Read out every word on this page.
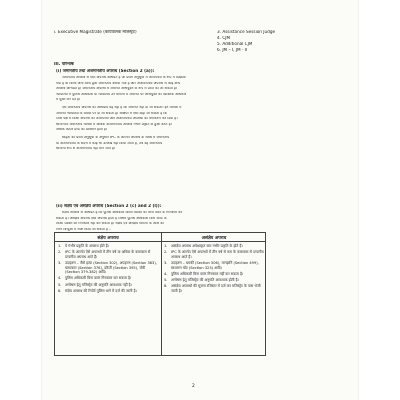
i. Executive Magistrate (कार्यपालक मजिस्ट्रेट)	3. Assistance Session Judge
4. CJM
5. Additional CJM
6. JM – I, JM - II
III. परिभाषा
(i) जमानतीय तथा अजमानतीय अपराध (Section 2 (a)):
जमानतीय अपराध से ऐसा अपराध अभिप्रेत है जो प्रथम अनुसूची में जमानतीय के रूप में दिखाया
गया है या किसी अन्य विधि द्वारा जमानतीय बनाया गया है और अजमानतीय अपराध से कोई अन्य
अपराध अभिप्रेत है। जमानतीय अपराध में जमानत अभियुक्त के रूप में प्राप्त की जा सकती है।
न्यायालय में पुलिस अधिकारी या न्यायालय उन मामलों में जमानत पर अभियुक्त का व्यक्तिक अधिकार
में मुक्त कर देते हैं।
ऐसे जमानतीय अपराध का अभिप्राय यह नहीं है कि जमानत नहीं दी जा सकती। इन मामलों में
जमानत न्यायालय के विवेक पर दी जा सकती है। संक्षिप्त में ऐसा कहा जा सकता है कि
जिस पक्ष में किसी अपराध का जमानतीय और अजमानतीय अपराधों का वर्गीकरण कर दिया है।
सामान्यतः जमानतीय मामलों में अधिक अजमानतीय अपराध गंभीर प्रकृति के हुआ करते हैं।
अधिक कठोर दण्ड का प्रावधान होता है।
संहिता की प्रथम अनुसूची के अनुसार IPC के अंतर्गत अपराध के संबंध में जमानतीय
या अजमानतीय के संदर्भ में कोई भी उल्लेख नहीं किया जाता है, तब वह जमानतीय
सामान्य रूप से अजमानतीय नहीं माने जाते हैं।
(ii) संज्ञेय एवं असंज्ञेय अपराध (Section 2 (c) and 2 (l)):
संज्ञेय अपराध से अभिप्रेत है कि पुलिस अधिकारी किसी व्यक्ति को बिना वारंट के गिरफ्तार कर
सकता है। असंज्ञेय अपराध ऐसा अपराध होता है जिसमें पुलिस अधिकारी बिना वारंट के
किसी व्यक्ति को गिरफ्तार नहीं कर सकता है। संज्ञेय एवं असंज्ञेय मामलों के अंतर को
निम्न बिन्दुओं में स्पष्ट किया जा सकता है –
संज्ञेय अपराध	असंज्ञेय अपराध
1. ये गंभीर प्रकृति के अपराध होते हैं।
2. IPC के अंतर्गत ऐसे अपराधों में तीन वर्ष या अधिक के कारावास से दण्डनीय अपराध आते हैं।
3. उदाहरण – जैसे हत्या (Section 302), अपहरण (Section 363), बलात्कार (Section 376), डकैती (Section 395), चोरी (Section 379-382) आदि।
4. पुलिस अधिकारी बिना वारंट गिरफ्तार कर सकता है।
5. अन्वेषण हेतु मजिस्ट्रेट की अनुमति आवश्यक नहीं है।
6. संज्ञेय अपराध की रिपोर्ट पुलिस थाने में दर्ज की जाती है।
1. असंज्ञेय अपराध अपेक्षाकृत कम गंभीर प्रकृति के होते हैं।
2. IPC के अंतर्गत ऐसे अपराधों में तीन वर्ष से कम के कारावास से दण्डनीय अपराध आते हैं।
3. उदाहरण – धमकी (Section 506), मानहानि (Section 499), साधारण चोट (Section 323) आदि।
4. पुलिस अधिकारी बिना वारंट गिरफ्तार नहीं कर सकता है।
5. अन्वेषण हेतु मजिस्ट्रेट की अनुमति आवश्यक होती है।
6. असंज्ञेय अपराधों की सूचना रजिस्टर में दर्ज कर मजिस्ट्रेट के पास भेजी जाती है।
2
